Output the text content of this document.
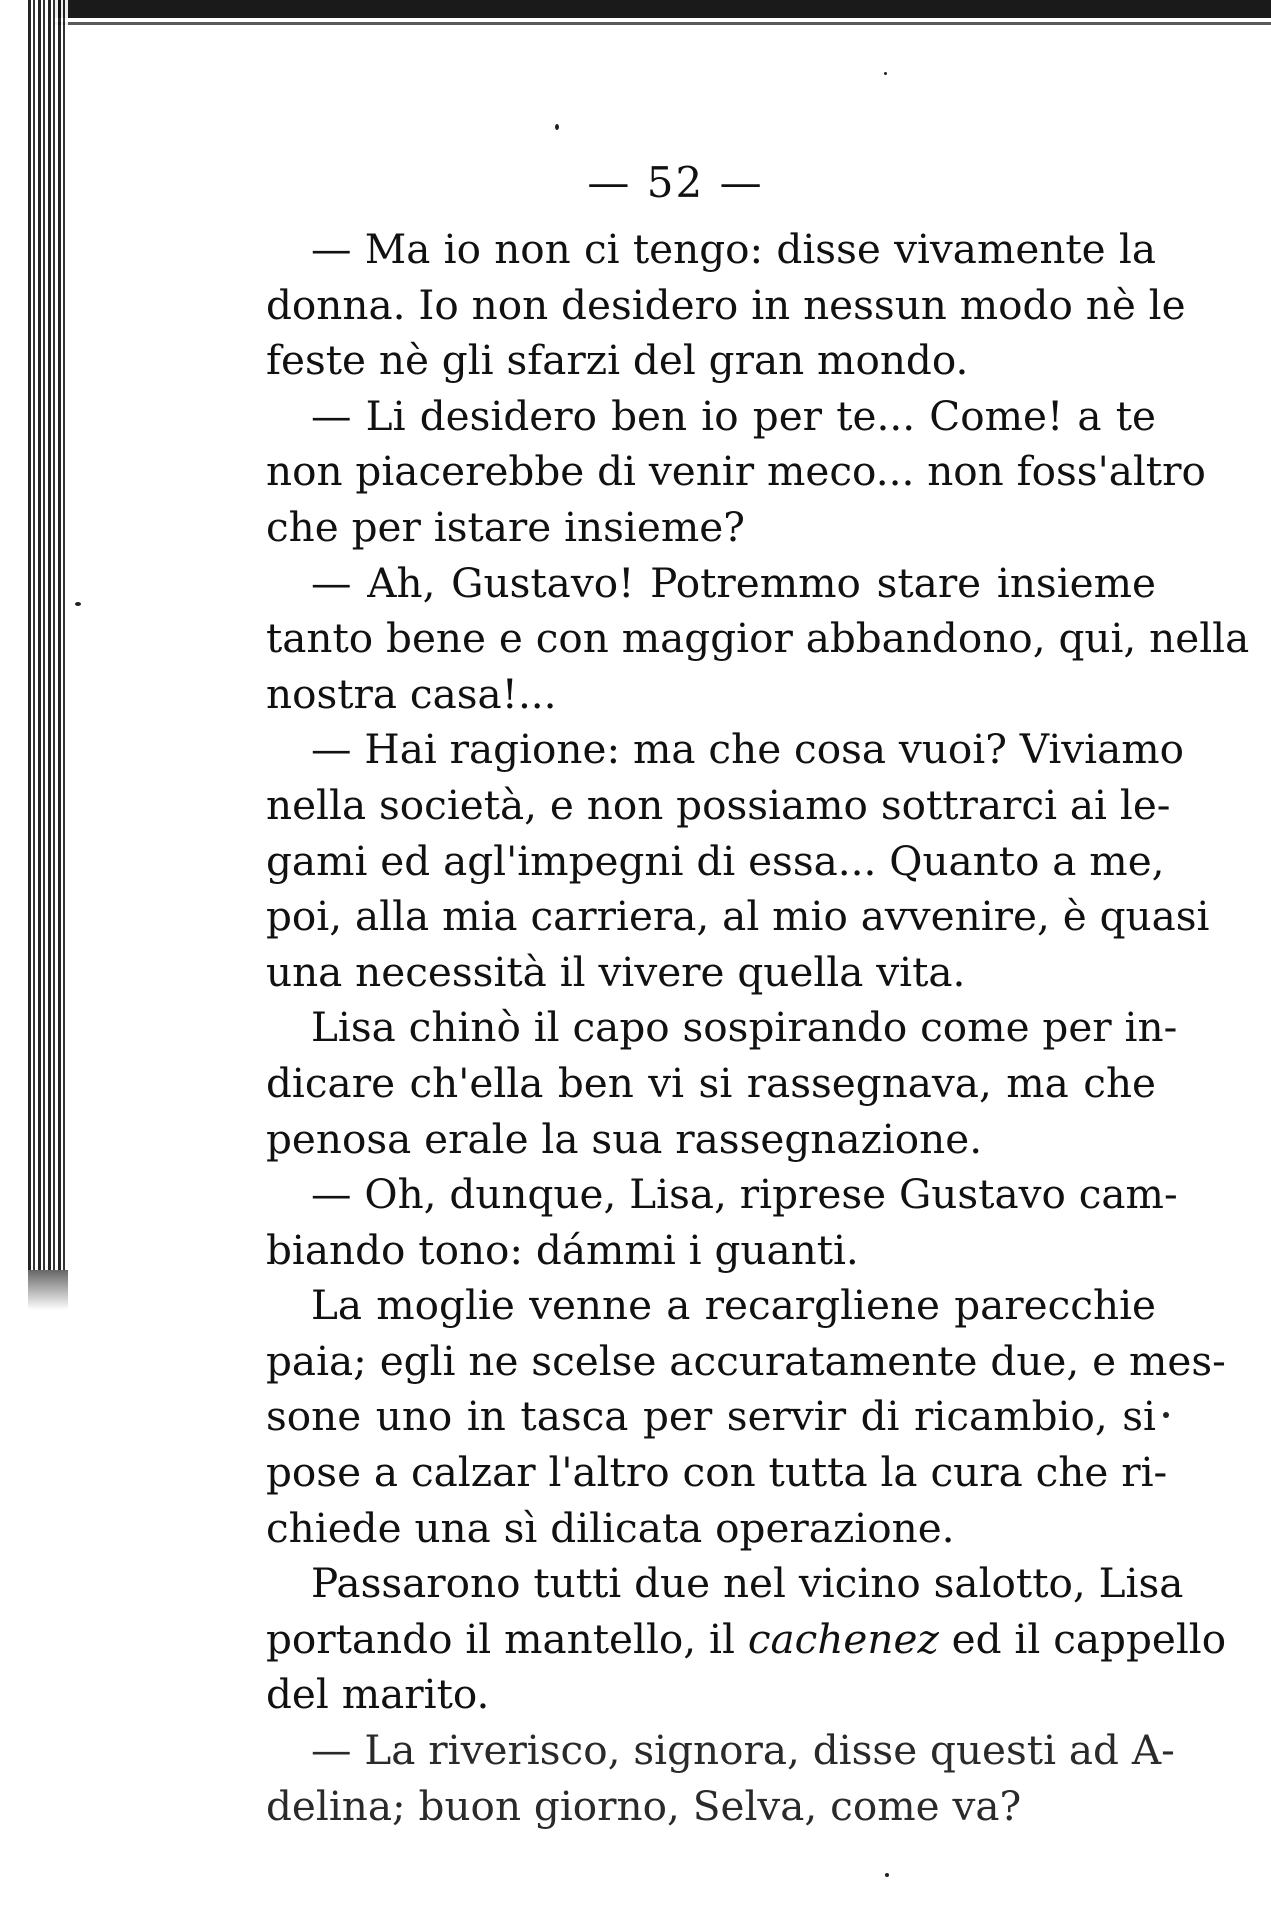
— 52 —
— Ma io non ci tengo: disse vivamente la
donna. Io non desidero in nessun modo nè le
feste nè gli sfarzi del gran mondo.
— Li desidero ben io per te... Come! a te
non piacerebbe di venir meco... non foss'altro
che per istare insieme?
— Ah, Gustavo! Potremmo stare insieme
tanto bene e con maggior abbandono, qui, nella
nostra casa!...
— Hai ragione: ma che cosa vuoi? Viviamo
nella società, e non possiamo sottrarci ai le-
gami ed agl'impegni di essa... Quanto a me,
poi, alla mia carriera, al mio avvenire, è quasi
una necessità il vivere quella vita.
Lisa chinò il capo sospirando come per in-
dicare ch'ella ben vi si rassegnava, ma che
penosa erale la sua rassegnazione.
— Oh, dunque, Lisa, riprese Gustavo cam-
biando tono: dámmi i guanti.
La moglie venne a recargliene parecchie
paia; egli ne scelse accuratamente due, e mes-
sone uno in tasca per servir di ricambio, si
pose a calzar l'altro con tutta la cura che ri-
chiede una sì dilicata operazione.
Passarono tutti due nel vicino salotto, Lisa
portando il mantello, il cachenez ed il cappello
del marito.
— La riverisco, signora, disse questi ad A-
delina; buon giorno, Selva, come va?
